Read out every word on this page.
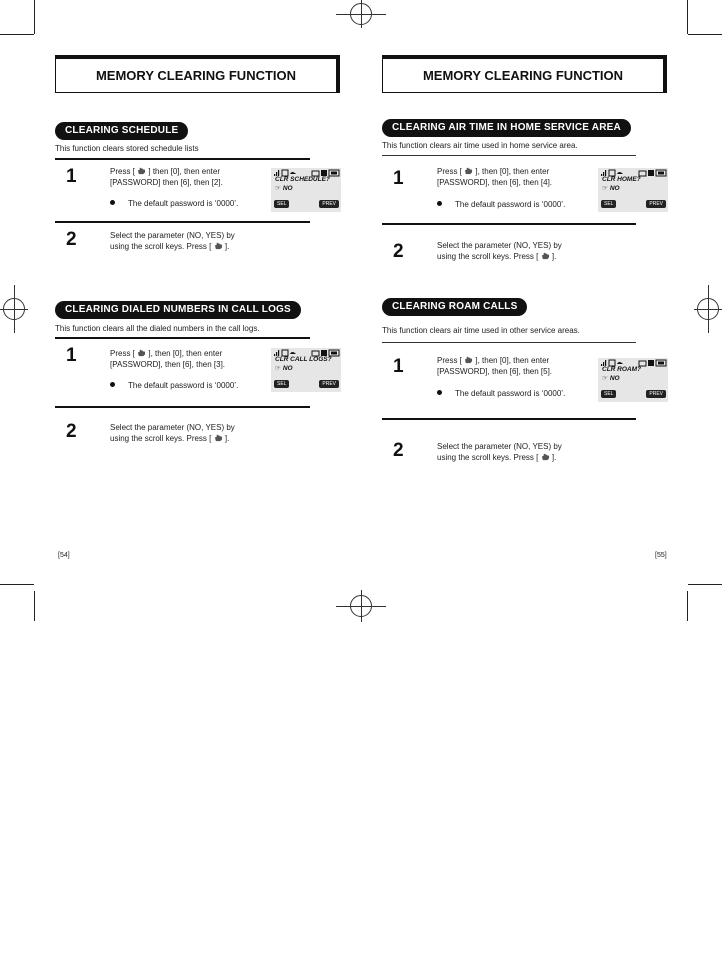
MEMORY CLEARING FUNCTION
CLEARING SCHEDULE
This function clears stored schedule lists
1	Press [ ] then [0], then enter
[PASSWORD] then [6], then [2].
The default password is ‘0000’.
CLR SCHEDULE?
☞ NO
SEL	PREV
2	Select the parameter (NO, YES) by
using the scroll keys. Press [ ].
CLEARING DIALED NUMBERS IN CALL LOGS
This function clears all the dialed numbers in the call logs.
1	Press [ ], then [0], then enter
[PASSWORD], then [6], then [3].
The default password is ‘0000’.
CLR CALL LOGS?
☞ NO
SEL	PREV
2	Select the parameter (NO, YES) by
using the scroll keys. Press [ ].
[54]
MEMORY CLEARING FUNCTION
CLEARING AIR TIME IN HOME SERVICE AREA
This function clears air time used in home service area.
1	Press [ ], then [0], then enter
[PASSWORD], then [6], then [4].
The default password is ‘0000’.
CLR HOME?
☞ NO
SEL	PREV
2	Select the parameter (NO, YES) by
using the scroll keys. Press [ ].
CLEARING ROAM CALLS
This function clears air time used in other service areas.
1	Press [ ], then [0], then enter
[PASSWORD], then [6], then [5].
The default password is ‘0000’.
CLR ROAM?
☞ NO
SEL	PREV
2	Select the parameter (NO, YES) by
using the scroll keys. Press [ ].
[55]
